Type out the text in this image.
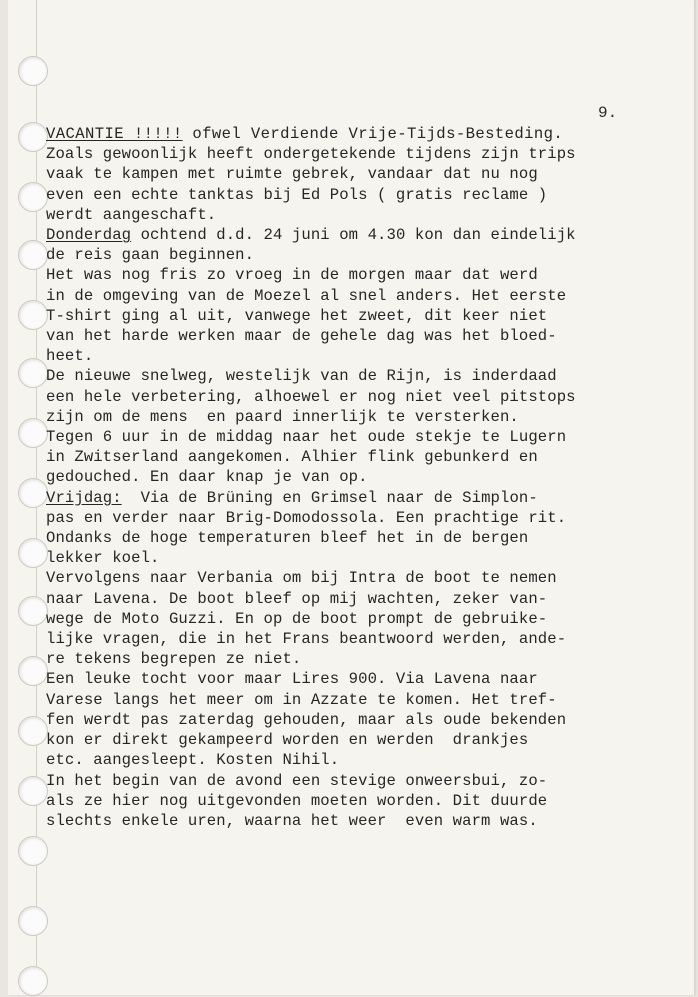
9.
VACANTIE !!!!! ofwel Verdiende Vrije-Tijds-Besteding.
Zoals gewoonlijk heeft ondergetekende tijdens zijn trips
vaak te kampen met ruimte gebrek, vandaar dat nu nog
even een echte tanktas bij Ed Pols ( gratis reclame )
werdt aangeschaft.
Donderdag ochtend d.d. 24 juni om 4.30 kon dan eindelijk
de reis gaan beginnen.
Het was nog fris zo vroeg in de morgen maar dat werd
in de omgeving van de Moezel al snel anders. Het eerste
T-shirt ging al uit, vanwege het zweet, dit keer niet
van het harde werken maar de gehele dag was het bloed-
heet.
De nieuwe snelweg, westelijk van de Rijn, is inderdaad
een hele verbetering, alhoewel er nog niet veel pitstops
zijn om de mens  en paard innerlijk te versterken.
Tegen 6 uur in de middag naar het oude stekje te Lugern
in Zwitserland aangekomen. Alhier flink gebunkerd en
gedouched. En daar knap je van op.
Vrijdag:  Via de Brüning en Grimsel naar de Simplon-
pas en verder naar Brig-Domodossola. Een prachtige rit.
Ondanks de hoge temperaturen bleef het in de bergen
lekker koel.
Vervolgens naar Verbania om bij Intra de boot te nemen
naar Lavena. De boot bleef op mij wachten, zeker van-
wege de Moto Guzzi. En op de boot prompt de gebruike-
lijke vragen, die in het Frans beantwoord werden, ande-
re tekens begrepen ze niet.
Een leuke tocht voor maar Lires 900. Via Lavena naar
Varese langs het meer om in Azzate te komen. Het tref-
fen werdt pas zaterdag gehouden, maar als oude bekenden
kon er direkt gekampeerd worden en werden  drankjes
etc. aangesleept. Kosten Nihil.
In het begin van de avond een stevige onweersbui, zo-
als ze hier nog uitgevonden moeten worden. Dit duurde
slechts enkele uren, waarna het weer  even warm was.
